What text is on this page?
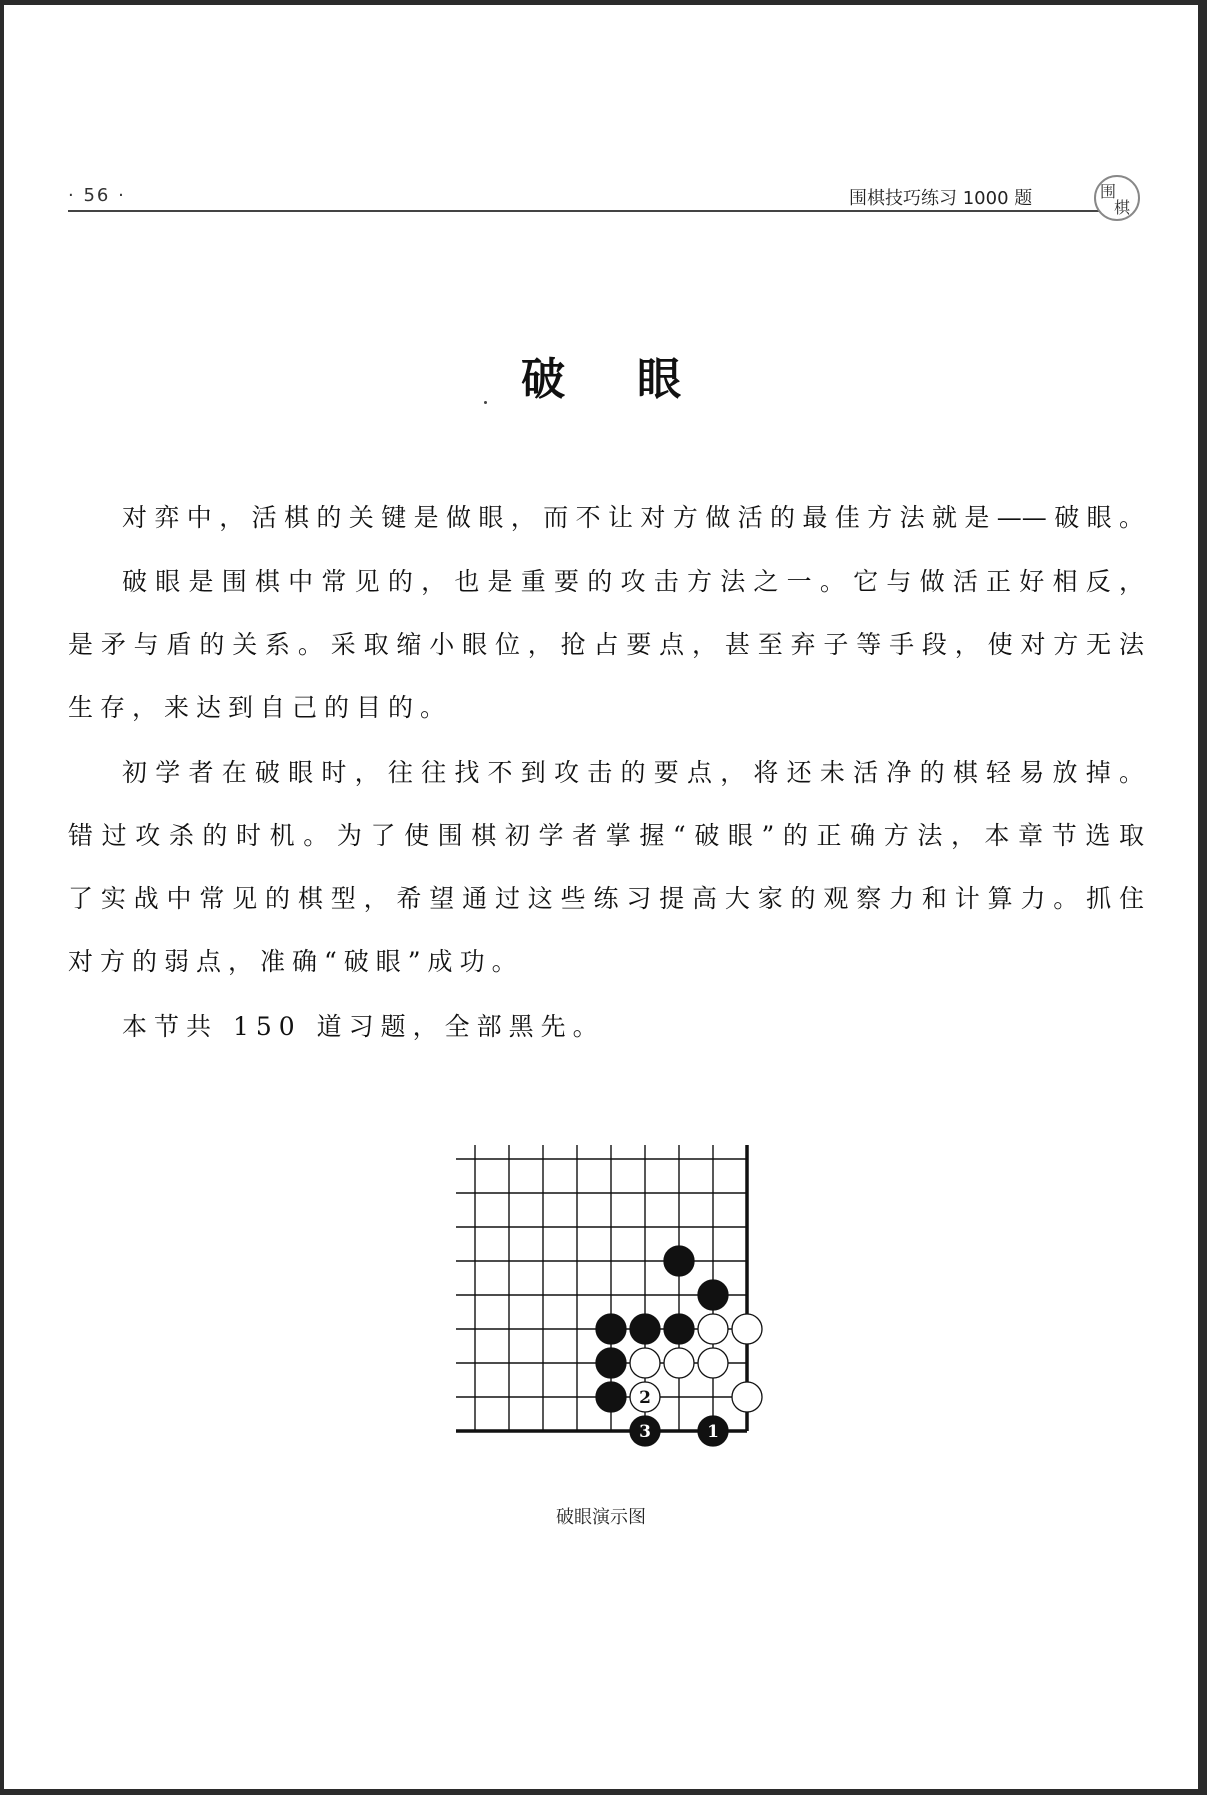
· 56 ·	围棋技巧练习 1000 题	围
棋
破 眼
对弈中，活棋的关键是做眼，而不让对方做活的最佳方法就是——破眼。
破眼是围棋中常见的，也是重要的攻击方法之一。它与做活正好相反，
是矛与盾的关系。采取缩小眼位，抢占要点，甚至弃子等手段，使对方无法
生存，来达到自己的目的。
初学者在破眼时，往往找不到攻击的要点，将还未活净的棋轻易放掉。
错过攻杀的时机。为了使围棋初学者掌握“破眼”的正确方法，本章节选取
了实战中常见的棋型，希望通过这些练习提高大家的观察力和计算力。抓住
对方的弱点，准确“破眼”成功。
本节共 150 道习题，全部黑先。
2
3	1
破眼演示图
